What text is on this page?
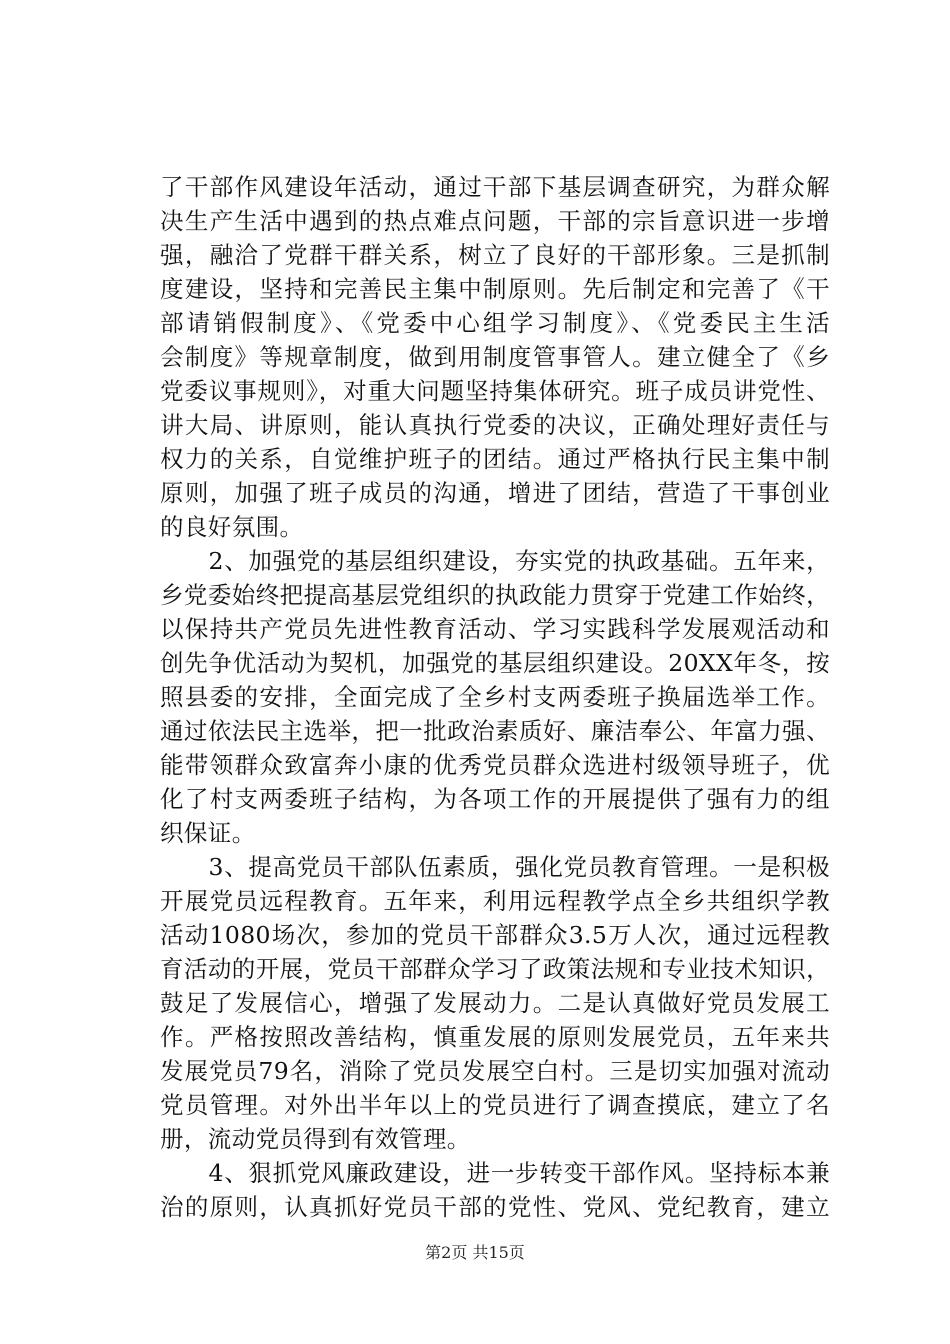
了干部作风建设年活动，通过干部下基层调查研究，为群众解
决生产生活中遇到的热点难点问题，干部的宗旨意识进一步增
强，融洽了党群干群关系，树立了良好的干部形象。三是抓制
度建设，坚持和完善民主集中制原则。先后制定和完善了《干
部请销假制度》、《党委中心组学习制度》、《党委民主生活
会制度》等规章制度，做到用制度管事管人。建立健全了《乡
党委议事规则》，对重大问题坚持集体研究。班子成员讲党性、
讲大局、讲原则，能认真执行党委的决议，正确处理好责任与
权力的关系，自觉维护班子的团结。通过严格执行民主集中制
原则，加强了班子成员的沟通，增进了团结，营造了干事创业
的良好氛围。
　　2、加强党的基层组织建设，夯实党的执政基础。五年来，
乡党委始终把提高基层党组织的执政能力贯穿于党建工作始终，
以保持共产党员先进性教育活动、学习实践科学发展观活动和
创先争优活动为契机，加强党的基层组织建设。20XX年冬，按
照县委的安排，全面完成了全乡村支两委班子换届选举工作。
通过依法民主选举，把一批政治素质好、廉洁奉公、年富力强、
能带领群众致富奔小康的优秀党员群众选进村级领导班子，优
化了村支两委班子结构，为各项工作的开展提供了强有力的组
织保证。
　　3、提高党员干部队伍素质，强化党员教育管理。一是积极
开展党员远程教育。五年来，利用远程教学点全乡共组织学教
活动1080场次，参加的党员干部群众3.5万人次，通过远程教
育活动的开展，党员干部群众学习了政策法规和专业技术知识，
鼓足了发展信心，增强了发展动力。二是认真做好党员发展工
作。严格按照改善结构，慎重发展的原则发展党员，五年来共
发展党员79名，消除了党员发展空白村。三是切实加强对流动
党员管理。对外出半年以上的党员进行了调查摸底，建立了名
册，流动党员得到有效管理。
　　4、狠抓党风廉政建设，进一步转变干部作风。坚持标本兼
治的原则，认真抓好党员干部的党性、党风、党纪教育，建立
第2页 共15页
